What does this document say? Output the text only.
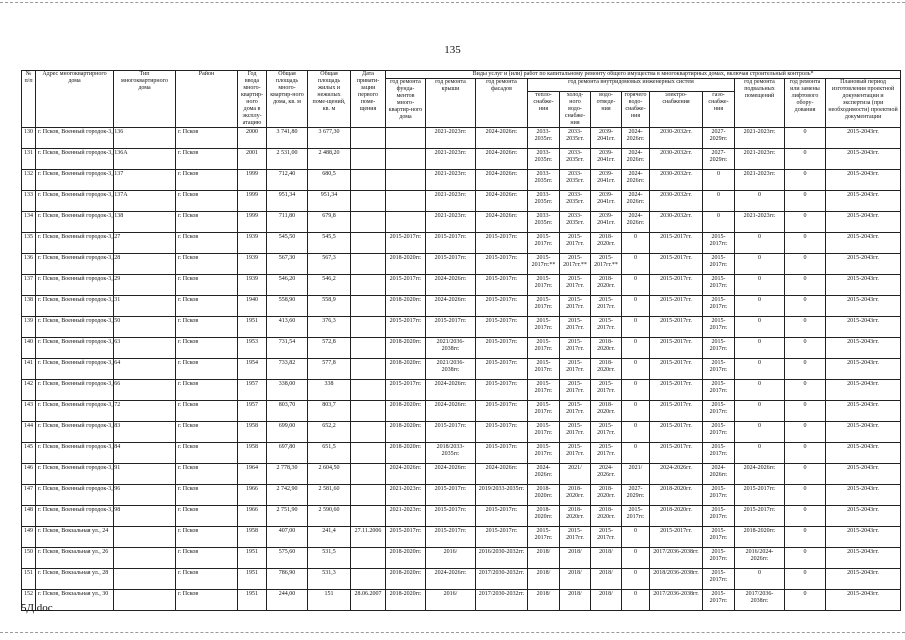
135
№ п/п	Адрес многоквартирного дома	Тип многоквартирного дома	Район	Год ввода много-квартир-ного дома в эксплу-атацию	Общая площадь много-квартир-ного дома, кв. м	Общая площадь жилых и нежилых поме-щений, кв. м	Дата привати-зации первого поме-щения	Виды услуг и (или) работ по капитальному ремонту общего имущества в многоквартирных домах, включая строительный контроль*											
								год ремонта фунда-ментов много-квартир-ного дома	год ремонта крыши	год ремонта фасадов	год ремонта внутридомовых инженерных систем						год ремонта подвальных помещений	год ремонта или замены лифтового обору-дования	Плановый период изготовления проектной документации и экспертиза (при необходимости) проектной документации
											тепло-снабже-ния	холод-ного водо-снабже-ния	водо-отведе-ния	горячего водо-снабже-ния	электро-снабжения	газо-снабже-ния			
130	г. Псков, Военный городок-3, 136		г. Псков	2000	3 741,80	3 677,30			2021-2023гг.	2024-2026гг.	2033-2035гг.	2033-2035гг.	2039-2041гг.	2024-2026гг.	2030-2032гг.	2027-2029гг.	2021-2023гг.	0	2015-2043гг.
131	г. Псков, Военный городок-3, 136А		г. Псков	2001	2 531,00	2 488,20			2021-2023гг.	2024-2026гг.	2033-2035гг.	2033-2035гг.	2039-2041гг.	2024-2026гг.	2030-2032гг.	2027-2029гг.	2021-2023гг.	0	2015-2043гг.
132	г. Псков, Военный городок-3, 137		г. Псков	1999	712,40	680,5			2021-2023гг.	2024-2026гг.	2033-2035гг.	2033-2035гг.	2039-2041гг.	2024-2026гг.	2030-2032гг.	0	2021-2023гг.	0	2015-2043гг.
133	г. Псков, Военный городок-3, 137А		г. Псков	1999	951,34	951,34			2021-2023гг.	2024-2026гг.	2033-2035гг.	2033-2035гг.	2039-2041гг.	2024-2026гг.	2030-2032гг.	0	0	0	2015-2043гг.
134	г. Псков, Военный городок-3, 138		г. Псков	1999	711,80	679,8			2021-2023гг.	2024-2026гг.	2033-2035гг.	2033-2035гг.	2039-2041гг.	2024-2026гг.	2030-2032гг.	0	2021-2023гг.	0	2015-2043гг.
135	г. Псков, Военный городок-3, 27		г. Псков	1939	545,50	545,5		2015-2017гг.	2015-2017гг.	2015-2017гг.	2015-2017гг.	2015-2017гг.	2018-2020гг.	0	2015-2017гг.	2015-2017гг.	0	0	2015-2043гг.
136	г. Псков, Военный городок-3, 28		г. Псков	1939	567,30	567,3		2018-2020гг.	2015-2017гг.	2015-2017гг.	2015-2017гг.**	2015-2017гг.**	2015-2017гг.**	0	2015-2017гг.	2015-2017гг.	0	0	2015-2043гг.
137	г. Псков, Военный городок-3, 29		г. Псков	1939	546,20	546,2		2015-2017гг.	2024-2026гг.	2015-2017гг.	2015-2017гг.	2015-2017гг.	2018-2020гг.	0	2015-2017гг.	2015-2017гг.	0	0	2015-2043гг.
138	г. Псков, Военный городок-3, 31		г. Псков	1940	558,90	558,9		2018-2020гг.	2024-2026гг.	2015-2017гг.	2015-2017гг.	2015-2017гг.	2015-2017гг.	0	2015-2017гг.	2015-2017гг.	0	0	2015-2043гг.
139	г. Псков, Военный городок-3, 50		г. Псков	1951	413,60	376,3		2015-2017гг.	2015-2017гг.	2015-2017гг.	2015-2017гг.	2015-2017гг.	2015-2017гг.	0	2015-2017гг.	2015-2017гг.	0	0	2015-2043гг.
140	г. Псков, Военный городок-3, 63		г. Псков	1953	731,54	572,8		2018-2020гг.	2021/2036-2038гг.	2015-2017гг.	2015-2017гг.	2015-2017гг.	2018-2020гг.	0	2015-2017гг.	2015-2017гг.	0	0	2015-2043гг.
141	г. Псков, Военный городок-3, 64		г. Псков	1954	733,82	577,8		2018-2020гг.	2021/2036-2038гг.	2015-2017гг.	2015-2017гг.	2015-2017гг.	2018-2020гг.	0	2015-2017гг.	2015-2017гг.	0	0	2015-2043гг.
142	г. Псков, Военный городок-3, 66		г. Псков	1957	338,00	338		2015-2017гг.	2024-2026гг.	2015-2017гг.	2015-2017гг.	2015-2017гг.	2015-2017гг.	0	2015-2017гг.	2015-2017гг.	0	0	2015-2043гг.
143	г. Псков, Военный городок-3, 72		г. Псков	1957	803,70	803,7		2018-2020гг.	2024-2026гг.	2015-2017гг.	2015-2017гг.	2015-2017гг.	2018-2020гг.	0	2015-2017гг.	2015-2017гг.	0	0	2015-2043гг.
144	г. Псков, Военный городок-3, 83		г. Псков	1958	699,00	652,2		2018-2020гг.	2015-2017гг.	2015-2017гг.	2015-2017гг.	2015-2017гг.	2015-2017гг.	0	2015-2017гг.	2015-2017гг.	0	0	2015-2043гг.
145	г. Псков, Военный городок-3, 84		г. Псков	1958	697,80	651,5		2018-2020гг.	2018/2033-2035гг.	2015-2017гг.	2015-2017гг.	2015-2017гг.	2015-2017гг.	0	2015-2017гг.	2015-2017гг.	0	0	2015-2043гг.
146	г. Псков, Военный городок-3, 91		г. Псков	1964	2 778,30	2 604,50		2024-2026гг.	2024-2026гг.	2024-2026гг.	2024-2026гг.	2021/	2024-2026гг.	2021/	2024-2026гг.	2024-2026гг.	2024-2026гг.	0	2015-2043гг.
147	г. Псков, Военный городок-3, 96		г. Псков	1966	2 742,90	2 581,60		2021-2023гг.	2015-2017гг.	2019/2033-2035гг.	2018-2020гг.	2018-2020гг.	2018-2020гг.	2027-2029гг.	2018-2020гг.	2015-2017гг.	2015-2017гг.	0	2015-2043гг.
148	г. Псков, Военный городок-3, 98		г. Псков	1966	2 751,90	2 590,60		2021-2023гг.	2015-2017гг.	2015-2017гг.	2018-2020гг.	2018-2020гг.	2018-2020гг.	2015-2017гг.	2018-2020гг.	2015-2017гг.	2015-2017гг.	0	2015-2043гг.
149	г. Псков, Вокзальная ул., 24		г. Псков	1958	407,00	241,4	27.11.2006	2015-2017гг.	2015-2017гг.	2015-2017гг.	2015-2017гг.	2015-2017гг.	2015-2017гг.	0	2015-2017гг.	2015-2017гг.	2018-2020гг.	0	2015-2043гг.
150	г. Псков, Вокзальная ул., 26		г. Псков	1951	575,60	531,5		2018-2020гг.	2016/	2016/2030-2032гг.	2018/	2018/	2018/	0	2017/2036-2038гг.	2015-2017гг.	2016/2024-2026гг.	0	2015-2043гг.
151	г. Псков, Вокзальная ул., 28		г. Псков	1951	786,90	531,3		2018-2020гг.	2024-2026гг.	2017/2030-2032гг.	2018/	2018/	2018/	0	2018/2036-2038гг.	2015-2017гг.	0	0	2015-2043гг.
152	г. Псков, Вокзальная ул., 30		г. Псков	1951	244,00	151	28.06.2007	2018-2020гг.	2016/	2017/2030-2032гг.	2018/	2018/	2018/	0	2017/2036-2038гг.	2015-2017гг.	2017/2036-2038гг.	0	2015-2043гг.
5Д.doc
